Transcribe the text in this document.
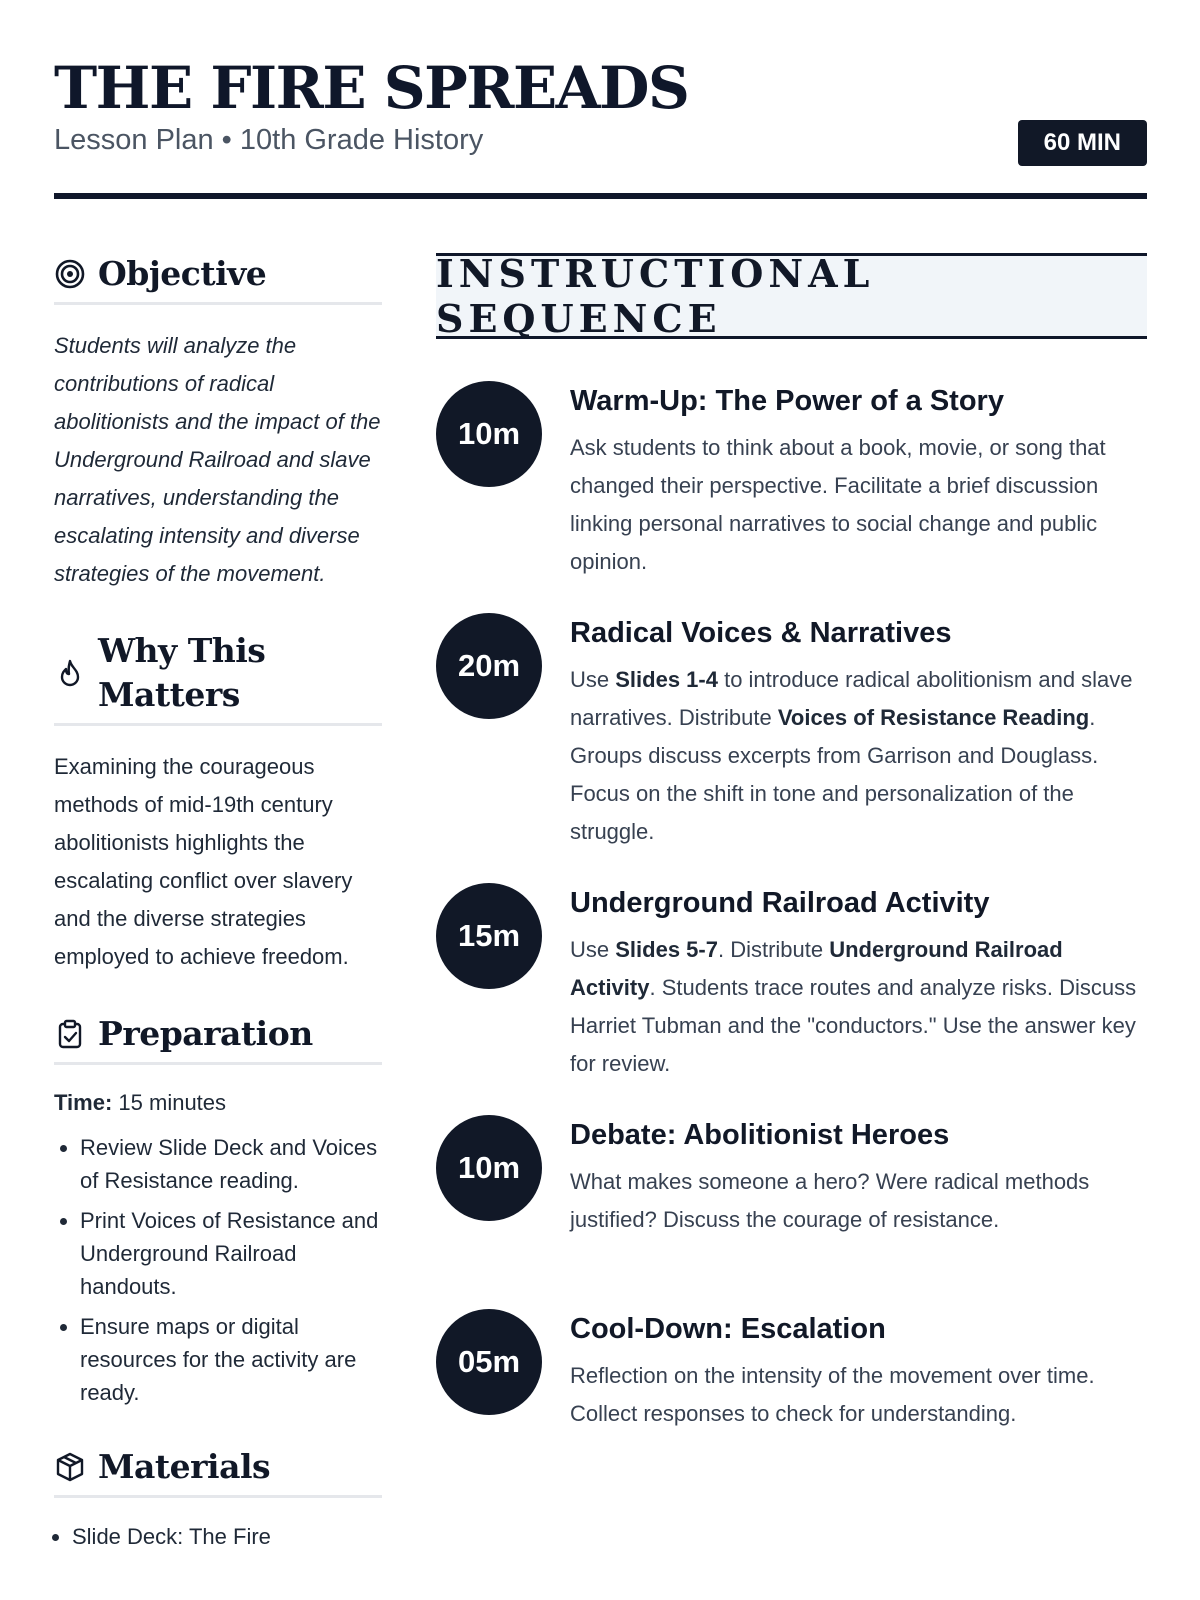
THE FIRE SPREADS
Lesson Plan • 10th Grade History	60 MIN
Objective
Students will analyze the contributions of radical abolitionists and the impact of the Underground Railroad and slave narratives, understanding the escalating intensity and diverse strategies of the movement.
Why This Matters
Examining the courageous methods of mid-19th century abolitionists highlights the escalating conflict over slavery and the diverse strategies employed to achieve freedom.
Preparation
Time: 15 minutes
• Review Slide Deck and Voices of Resistance reading.
• Print Voices of Resistance and Underground Railroad handouts.
• Ensure maps or digital resources for the activity are ready.
Materials
• Slide Deck: The Fire
INSTRUCTIONAL SEQUENCE
10m
Warm-Up: The Power of a Story
Ask students to think about a book, movie, or song that changed their perspective. Facilitate a brief discussion linking personal narratives to social change and public opinion.
20m
Radical Voices & Narratives
Use Slides 1-4 to introduce radical abolitionism and slave narratives. Distribute Voices of Resistance Reading. Groups discuss excerpts from Garrison and Douglass. Focus on the shift in tone and personalization of the struggle.
15m
Underground Railroad Activity
Use Slides 5-7. Distribute Underground Railroad Activity. Students trace routes and analyze risks. Discuss Harriet Tubman and the "conductors." Use the answer key for review.
10m
Debate: Abolitionist Heroes
What makes someone a hero? Were radical methods justified? Discuss the courage of resistance.
05m
Cool-Down: Escalation
Reflection on the intensity of the movement over time. Collect responses to check for understanding.
